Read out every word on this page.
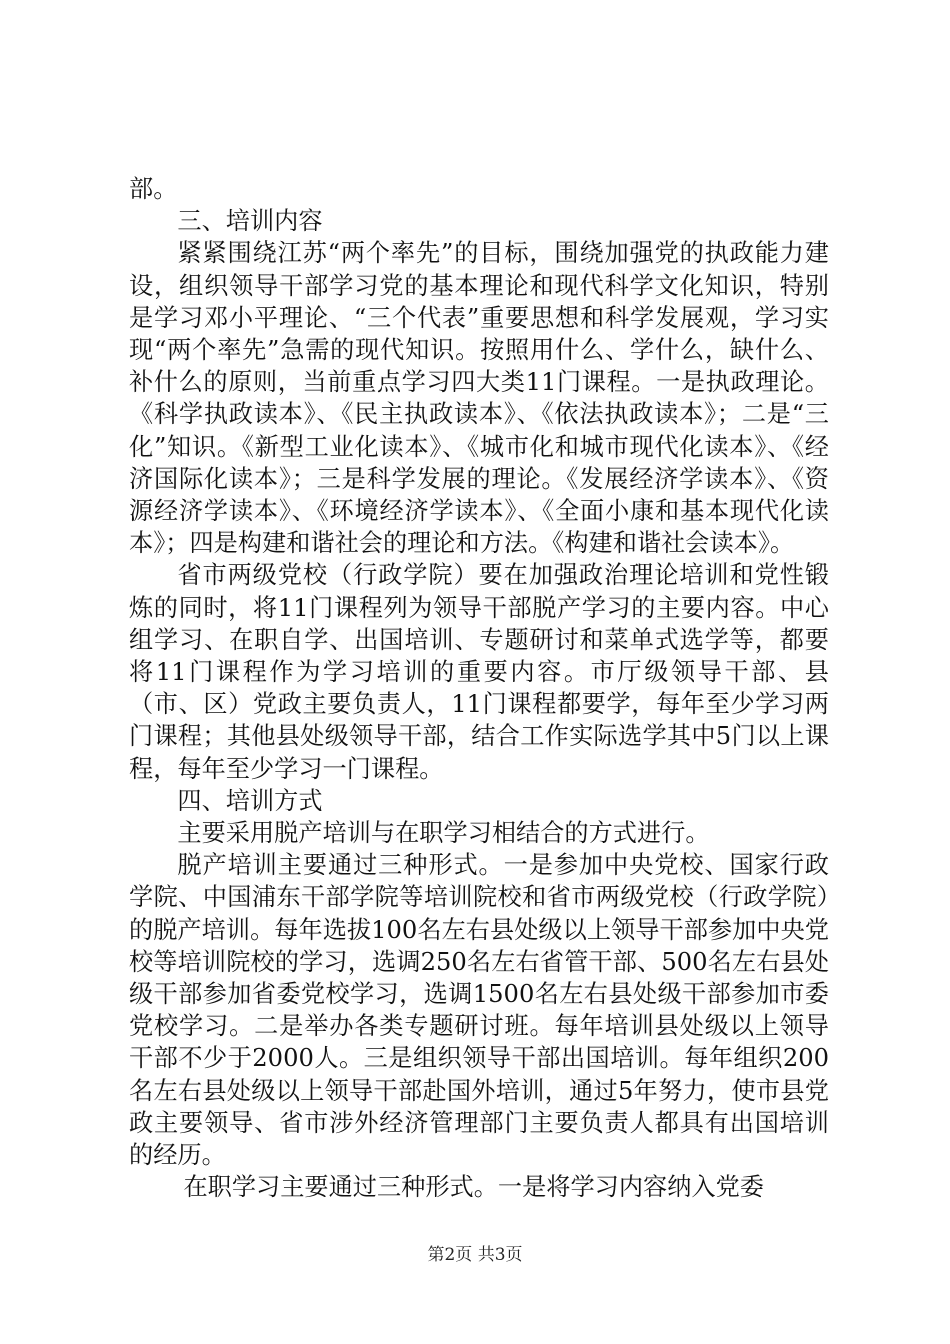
部。

三、培训内容

紧紧围绕江苏“两个率先”的目标，围绕加强党的执政能力建设，组织领导干部学习党的基本理论和现代科学文化知识，特别是学习邓小平理论、“三个代表”重要思想和科学发展观，学习实现“两个率先”急需的现代知识。按照用什么、学什么，缺什么、补什么的原则，当前重点学习四大类11门课程。一是执政理论。《科学执政读本》、《民主执政读本》、《依法执政读本》；二是“三化”知识。《新型工业化读本》、《城市化和城市现代化读本》、《经济国际化读本》；三是科学发展的理论。《发展经济学读本》、《资源经济学读本》、《环境经济学读本》、《全面小康和基本现代化读本》；四是构建和谐社会的理论和方法。《构建和谐社会读本》。

省市两级党校（行政学院）要在加强政治理论培训和党性锻炼的同时，将11门课程列为领导干部脱产学习的主要内容。中心组学习、在职自学、出国培训、专题研讨和菜单式选学等，都要将11门课程作为学习培训的重要内容。市厅级领导干部、县（市、区）党政主要负责人，11门课程都要学，每年至少学习两门课程；其他县处级领导干部，结合工作实际选学其中5门以上课程，每年至少学习一门课程。

四、培训方式

主要采用脱产培训与在职学习相结合的方式进行。

脱产培训主要通过三种形式。一是参加中央党校、国家行政学院、中国浦东干部学院等培训院校和省市两级党校（行政学院）的脱产培训。每年选拔100名左右县处级以上领导干部参加中央党校等培训院校的学习，选调250名左右省管干部、500名左右县处级干部参加省委党校学习，选调1500名左右县处级干部参加市委党校学习。二是举办各类专题研讨班。每年培训县处级以上领导干部不少于2000人。三是组织领导干部出国培训。每年组织200名左右县处级以上领导干部赴国外培训，通过5年努力，使市县党政主要领导、省市涉外经济管理部门主要负责人都具有出国培训的经历。

在职学习主要通过三种形式。一是将学习内容纳入党委

第2页 共3页
